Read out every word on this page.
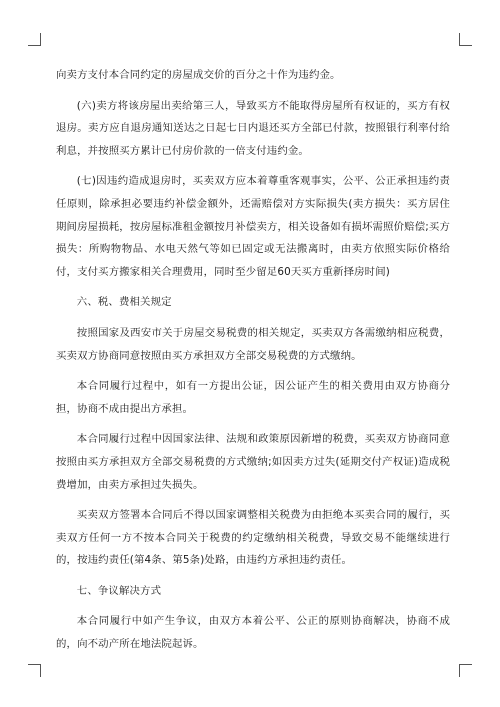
向卖方支付本合同约定的房屋成交价的百分之十作为违约金。

(六)卖方将该房屋出卖给第三人，导致买方不能取得房屋所有权证的，买方有权退房。卖方应自退房通知送达之日起七日内退还买方全部已付款，按照银行利率付给利息，并按照买方累计已付房价款的一倍支付违约金。

(七)因违约造成退房时，买卖双方应本着尊重客观事实，公平、公正承担违约责任原则，除承担必要违约补偿金额外，还需赔偿对方实际损失(卖方损失：买方居住期间房屋损耗，按房屋标准租金额按月补偿卖方，相关设备如有损坏需照价赔偿;买方损失：所购物物品、水电天然气等如已固定或无法搬离时，由卖方依照实际价格给付，支付买方搬家相关合理费用，同时至少留足60天买方重新择房时间)

六、税、费相关规定

按照国家及西安市关于房屋交易税费的相关规定，买卖双方各需缴纳相应税费，买卖双方协商同意按照由买方承担双方全部交易税费的方式缴纳。

本合同履行过程中，如有一方提出公证，因公证产生的相关费用由双方协商分担，协商不成由提出方承担。

本合同履行过程中因国家法律、法规和政策原因新增的税费，买卖双方协商同意按照由买方承担双方全部交易税费的方式缴纳;如因卖方过失(延期交付产权证)造成税费增加，由卖方承担过失损失。

买卖双方签署本合同后不得以国家调整相关税费为由拒绝本买卖合同的履行，买卖双方任何一方不按本合同关于税费的约定缴纳相关税费，导致交易不能继续进行的，按违约责任(第4条、第5条)处路，由违约方承担违约责任。

七、争议解决方式

本合同履行中如产生争议，由双方本着公平、公正的原则协商解决，协商不成的，向不动产所在地法院起诉。
